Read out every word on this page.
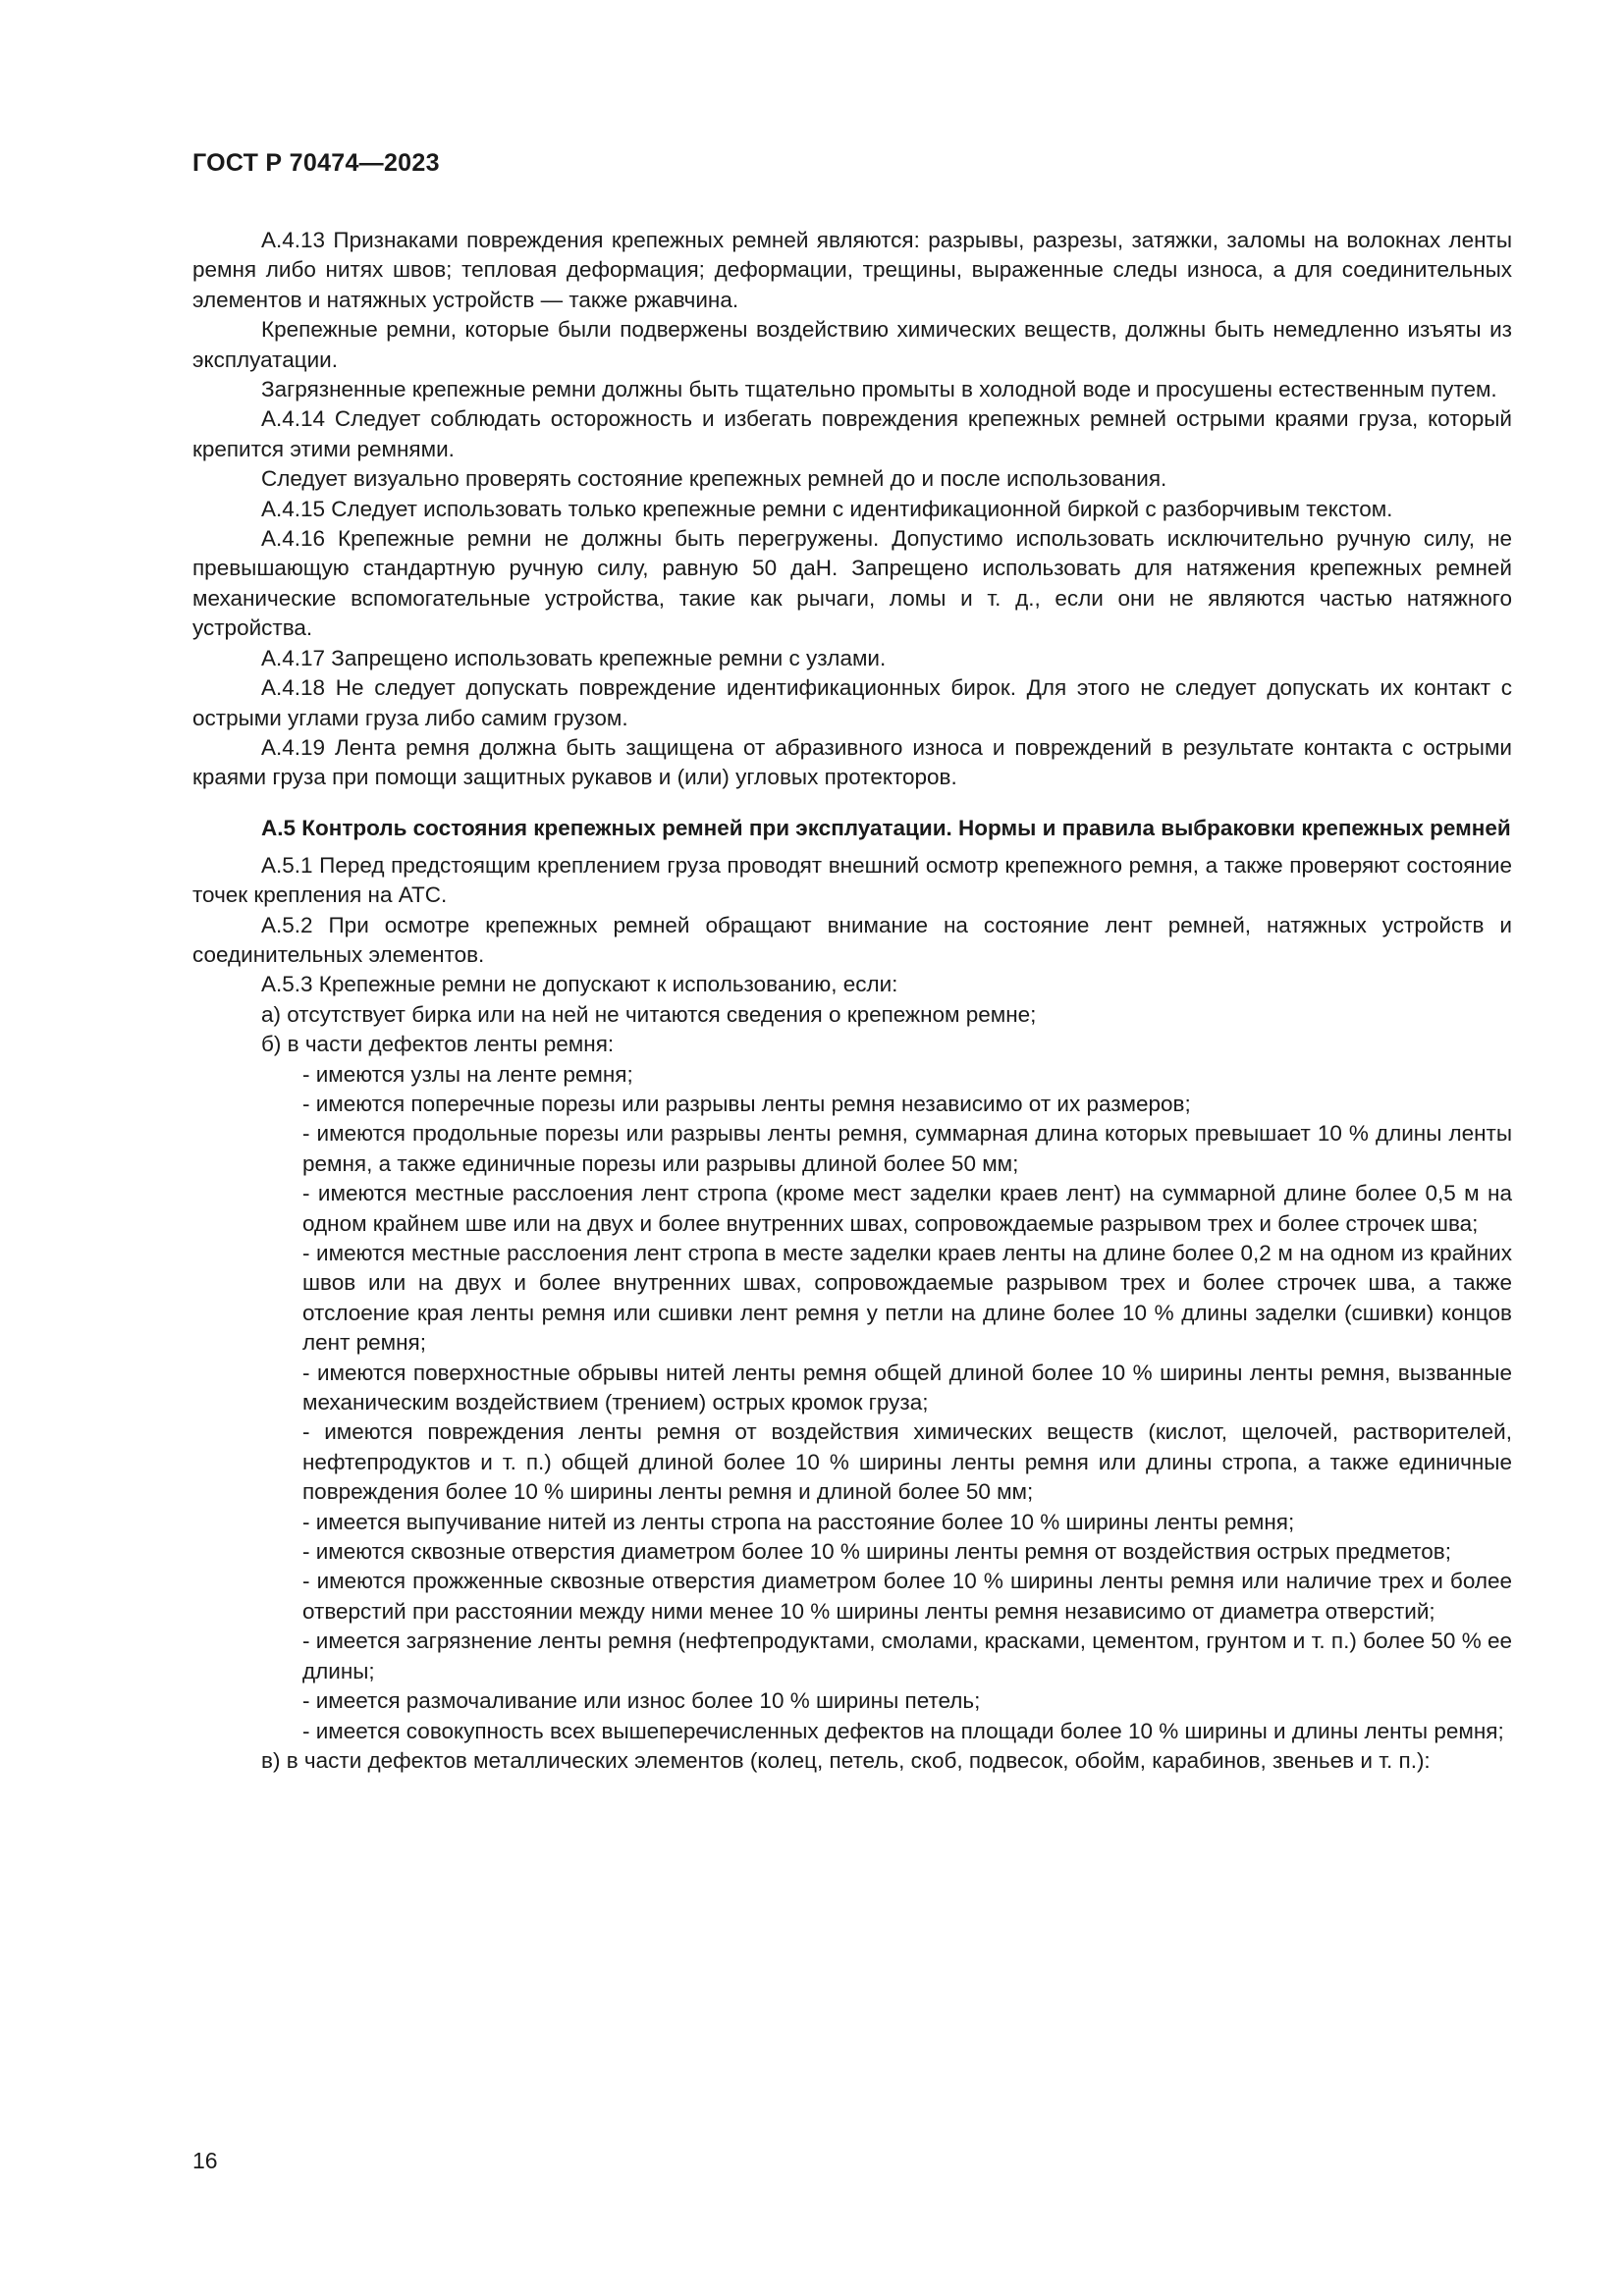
ГОСТ Р 70474—2023

А.4.13 Признаками повреждения крепежных ремней являются: разрывы, разрезы, затяжки, заломы на волокнах ленты ремня либо нитях швов; тепловая деформация; деформации, трещины, выраженные следы износа, а для соединительных элементов и натяжных устройств — также ржавчина.

Крепежные ремни, которые были подвержены воздействию химических веществ, должны быть немедленно изъяты из эксплуатации.

Загрязненные крепежные ремни должны быть тщательно промыты в холодной воде и просушены естественным путем.

А.4.14 Следует соблюдать осторожность и избегать повреждения крепежных ремней острыми краями груза, который крепится этими ремнями.

Следует визуально проверять состояние крепежных ремней до и после использования.

А.4.15 Следует использовать только крепежные ремни с идентификационной биркой с разборчивым текстом.

А.4.16 Крепежные ремни не должны быть перегружены. Допустимо использовать исключительно ручную силу, не превышающую стандартную ручную силу, равную 50 даН. Запрещено использовать для натяжения крепежных ремней механические вспомогательные устройства, такие как рычаги, ломы и т. д., если они не являются частью натяжного устройства.

А.4.17 Запрещено использовать крепежные ремни с узлами.

А.4.18 Не следует допускать повреждение идентификационных бирок. Для этого не следует допускать их контакт с острыми углами груза либо самим грузом.

А.4.19 Лента ремня должна быть защищена от абразивного износа и повреждений в результате контакта с острыми краями груза при помощи защитных рукавов и (или) угловых протекторов.

А.5 Контроль состояния крепежных ремней при эксплуатации. Нормы и правила выбраковки крепежных ремней

А.5.1 Перед предстоящим креплением груза проводят внешний осмотр крепежного ремня, а также проверяют состояние точек крепления на АТС.

А.5.2 При осмотре крепежных ремней обращают внимание на состояние лент ремней, натяжных устройств и соединительных элементов.

А.5.3 Крепежные ремни не допускают к использованию, если:

а) отсутствует бирка или на ней не читаются сведения о крепежном ремне;

б) в части дефектов ленты ремня:

- имеются узлы на ленте ремня;

- имеются поперечные порезы или разрывы ленты ремня независимо от их размеров;

- имеются продольные порезы или разрывы ленты ремня, суммарная длина которых превышает 10 % длины ленты ремня, а также единичные порезы или разрывы длиной более 50 мм;

- имеются местные расслоения лент стропа (кроме мест заделки краев лент) на суммарной длине более 0,5 м на одном крайнем шве или на двух и более внутренних швах, сопровождаемые разрывом трех и более строчек шва;

- имеются местные расслоения лент стропа в месте заделки краев ленты на длине более 0,2 м на одном из крайних швов или на двух и более внутренних швах, сопровождаемые разрывом трех и более строчек шва, а также отслоение края ленты ремня или сшивки лент ремня у петли на длине более 10 % длины заделки (сшивки) концов лент ремня;

- имеются поверхностные обрывы нитей ленты ремня общей длиной более 10 % ширины ленты ремня, вызванные механическим воздействием (трением) острых кромок груза;

- имеются повреждения ленты ремня от воздействия химических веществ (кислот, щелочей, растворителей, нефтепродуктов и т. п.) общей длиной более 10 % ширины ленты ремня или длины стропа, а также единичные повреждения более 10 % ширины ленты ремня и длиной более 50 мм;

- имеется выпучивание нитей из ленты стропа на расстояние более 10 % ширины ленты ремня;

- имеются сквозные отверстия диаметром более 10 % ширины ленты ремня от воздействия острых предметов;

- имеются прожженные сквозные отверстия диаметром более 10 % ширины ленты ремня или наличие трех и более отверстий при расстоянии между ними менее 10 % ширины ленты ремня независимо от диаметра отверстий;

- имеется загрязнение ленты ремня (нефтепродуктами, смолами, красками, цементом, грунтом и т. п.) более 50 % ее длины;

- имеется размочаливание или износ более 10 % ширины петель;

- имеется совокупность всех вышеперечисленных дефектов на площади более 10 % ширины и длины ленты ремня;

в) в части дефектов металлических элементов (колец, петель, скоб, подвесок, обойм, карабинов, звеньев и т. п.):

16
